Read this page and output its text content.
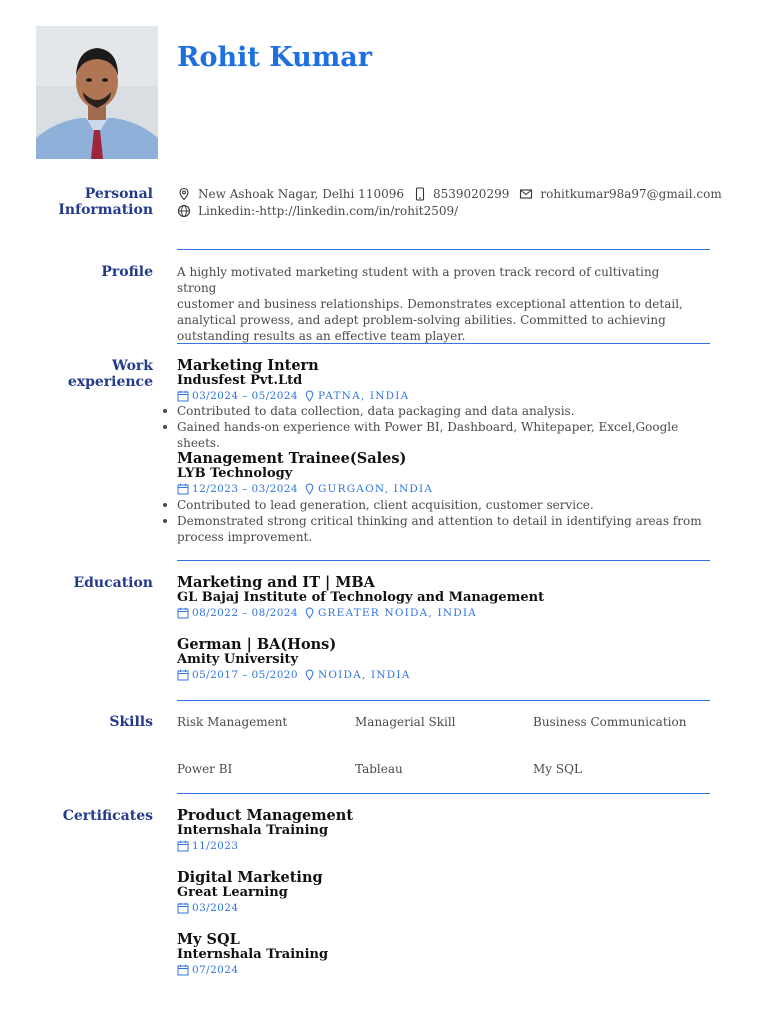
Rohit Kumar
Personal
Information
New Ashoak Nagar, Delhi 110096 8539020299	rohitkumar98a97@gmail.com
Linkedin:-http://linkedin.com/in/rohit2509/
Profile A highly motivated marketing student with a proven track record of cultivating strong
customer and business relationships. Demonstrates exceptional attention to detail,
analytical prowess, and adept problem-solving abilities. Committed to achieving
outstanding results as an effective team player.
Work
experience
Marketing Intern
Indusfest Pvt.Ltd
03/2024 – 05/2024 PATNA, INDIA
Contributed to data collection, data packaging and data analysis.
Gained hands-on experience with Power BI, Dashboard, Whitepaper, Excel,Google sheets.
Management Trainee(Sales)
LYB Technology
12/2023 – 03/2024 GURGAON, INDIA
Contributed to lead generation, client acquisition, customer service.
Demonstrated strong critical thinking and attention to detail in identifying areas from
process improvement.
Education Marketing and IT | MBA
GL Bajaj Institute of Technology and Management
08/2022 – 08/2024 GREATER NOIDA, INDIA
German | BA(Hons)
Amity University
05/2017 – 05/2020 NOIDA, INDIA
Skills Risk Management	Managerial Skill	Business Communication
Power BI	Tableau	My SQL
Certificates Product Management
Internshala Training
11/2023
Digital Marketing
Great Learning
03/2024
My SQL
Internshala Training
07/2024
